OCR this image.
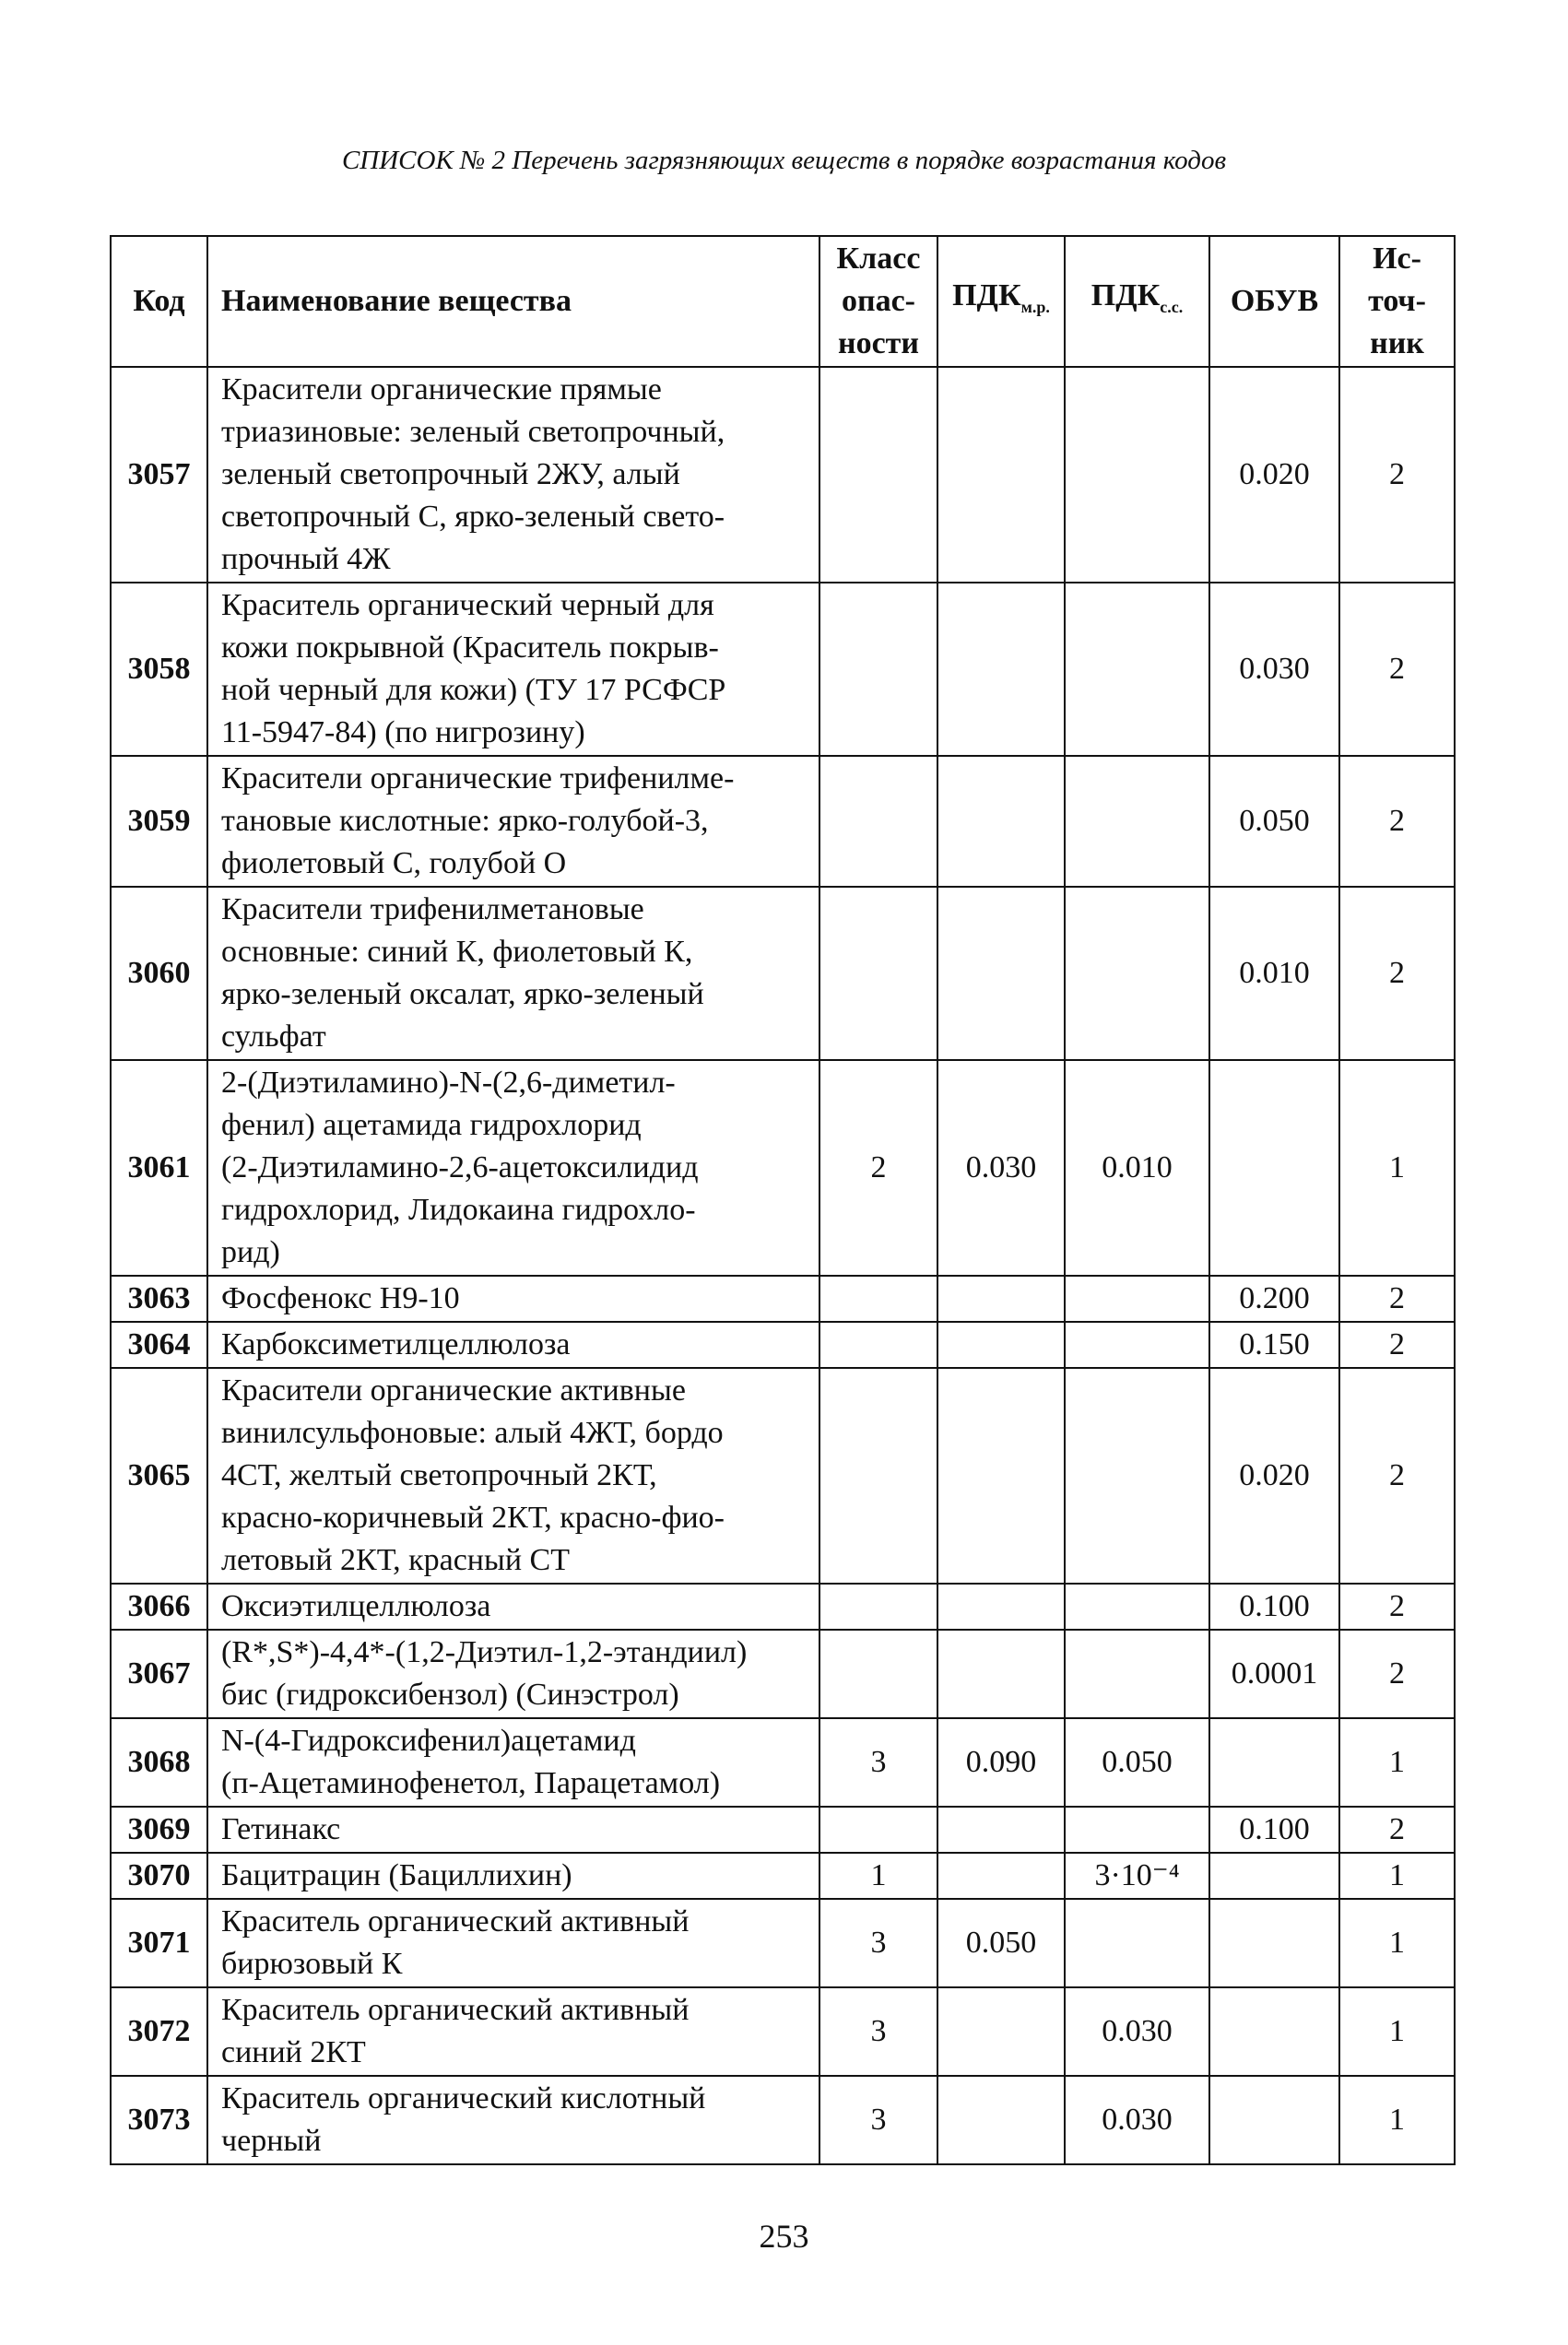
СПИСОК № 2 Перечень загрязняющих веществ в порядке возрастания кодов
Код	Наименование вещества	Класс
опас-
ности	$ПДК_{м.р.}$	$ПДК_{с.с.}$	ОБУВ	Ис-
точ-
ник
3057	Красители органические прямые
триазиновые: зеленый светопрочный,
зеленый светопрочный 2ЖУ, алый
светопрочный С, ярко-зеленый свето-
прочный 4Ж				0.020	2
3058	Краситель органический черный для
кожи покрывной (Краситель покрыв-
ной черный для кожи) (ТУ 17 РСФСР
11-5947-84) (по нигрозину)				0.030	2
3059	Красители органические трифенилме-
тановые кислотные: ярко-голубой-3,
фиолетовый С, голубой О				0.050	2
3060	Красители трифенилметановые
основные: синий К, фиолетовый К,
ярко-зеленый оксалат, ярко-зеленый
сульфат				0.010	2
3061	2-(Диэтиламино)-N-(2,6-диметил-
фенил) ацетамида гидрохлорид
(2-Диэтиламино-2,6-ацетоксилидид
гидрохлорид, Лидокаина гидрохло-
рид)	2	0.030	0.010		1
3063	Фосфенокс Н9-10				0.200	2
3064	Карбоксиметилцеллюлоза				0.150	2
3065	Красители органические активные
винилсульфоновые: алый 4ЖТ, бордо
4СТ, желтый светопрочный 2КТ,
красно-коричневый 2КТ, красно-фио-
летовый 2КТ, красный СТ				0.020	2
3066	Оксиэтилцеллюлоза				0.100	2
3067	(R*,S*)-4,4*-(1,2-Диэтил-1,2-этандиил)
бис (гидроксибензол) (Синэстрол)				0.0001	2
3068	N-(4-Гидроксифенил)ацетамид
(п-Ацетаминофенетол, Парацетамол)	3	0.090	0.050		1
3069	Гетинакс				0.100	2
3070	Бацитрацин (Бациллихин)	1		3·10⁻⁴		1
3071	Краситель органический активный
бирюзовый К	3	0.050			1
3072	Краситель органический активный
синий 2КТ	3		0.030		1
3073	Краситель органический кислотный
черный	3		0.030		1
253
